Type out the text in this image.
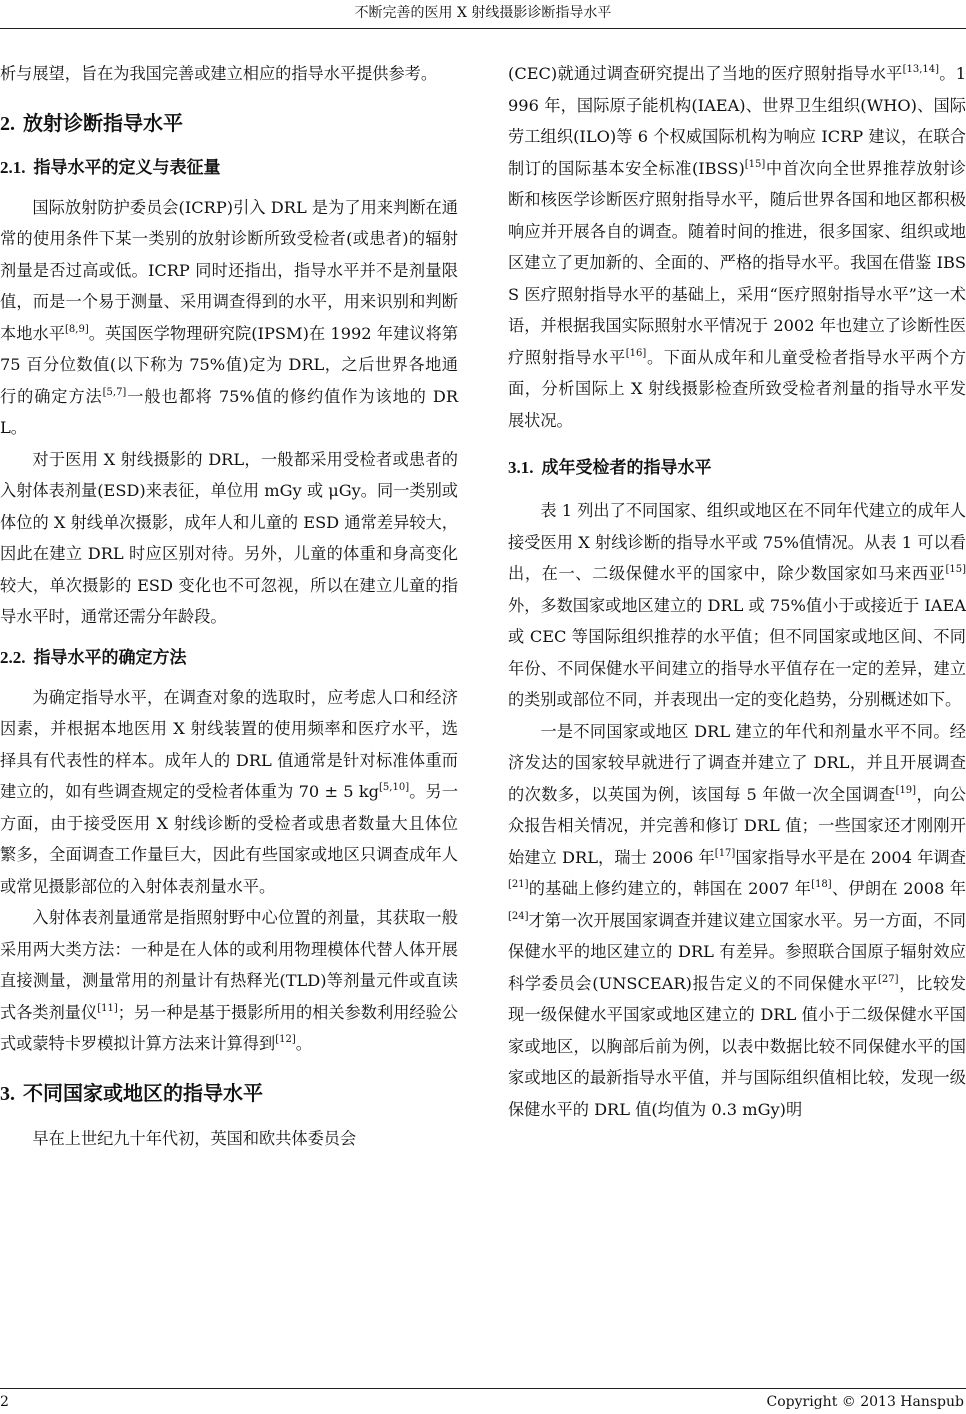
不断完善的医用 X 射线摄影诊断指导水平

析与展望，旨在为我国完善或建立相应的指导水平提供参考。

2. 放射诊断指导水平
2.1. 指导水平的定义与表征量

国际放射防护委员会(ICRP)引入 DRL 是为了用来判断在通常的使用条件下某一类别的放射诊断所致受检者(或患者)的辐射剂量是否过高或低。ICRP 同时还指出，指导水平并不是剂量限值，而是一个易于测量、采用调查得到的水平，用来识别和判断本地水平[8,9]。英国医学物理研究院(IPSM)在 1992 年建议将第 75 百分位数值(以下称为 75%值)定为 DRL，之后世界各地通行的确定方法[5,7]一般也都将 75%值的修约值作为该地的 DRL。

对于医用 X 射线摄影的 DRL，一般都采用受检者或患者的入射体表剂量(ESD)来表征，单位用 mGy 或 μGy。同一类别或体位的 X 射线单次摄影，成年人和儿童的 ESD 通常差异较大，因此在建立 DRL 时应区别对待。另外，儿童的体重和身高变化较大，单次摄影的 ESD 变化也不可忽视，所以在建立儿童的指导水平时，通常还需分年龄段。

2.2. 指导水平的确定方法

为确定指导水平，在调查对象的选取时，应考虑人口和经济因素，并根据本地医用 X 射线装置的使用频率和医疗水平，选择具有代表性的样本。成年人的 DRL 值通常是针对标准体重而建立的，如有些调查规定的受检者体重为 70 ± 5 kg[5,10]。另一方面，由于接受医用 X 射线诊断的受检者或患者数量大且体位繁多，全面调查工作量巨大，因此有些国家或地区只调查成年人或常见摄影部位的入射体表剂量水平。

入射体表剂量通常是指照射野中心位置的剂量，其获取一般采用两大类方法：一种是在人体的或利用物理模体代替人体开展直接测量，测量常用的剂量计有热释光(TLD)等剂量元件或直读式各类剂量仪[11]；另一种是基于摄影所用的相关参数利用经验公式或蒙特卡罗模拟计算方法来计算得到[12]。

3. 不同国家或地区的指导水平

早在上世纪九十年代初，英国和欧共体委员会

(CEC)就通过调查研究提出了当地的医疗照射指导水平[13,14]。1996 年，国际原子能机构(IAEA)、世界卫生组织(WHO)、国际劳工组织(ILO)等 6 个权威国际机构为响应 ICRP 建议，在联合制订的国际基本安全标准(IBSS)[15]中首次向全世界推荐放射诊断和核医学诊断医疗照射指导水平，随后世界各国和地区都积极响应并开展各自的调查。随着时间的推进，很多国家、组织或地区建立了更加新的、全面的、严格的指导水平。我国在借鉴 IBSS 医疗照射指导水平的基础上，采用“医疗照射指导水平”这一术语，并根据我国实际照射水平情况于 2002 年也建立了诊断性医疗照射指导水平[16]。下面从成年和儿童受检者指导水平两个方面，分析国际上 X 射线摄影检查所致受检者剂量的指导水平发展状况。

3.1. 成年受检者的指导水平

表 1 列出了不同国家、组织或地区在不同年代建立的成年人接受医用 X 射线诊断的指导水平或 75%值情况。从表 1 可以看出，在一、二级保健水平的国家中，除少数国家如马来西亚[15]外，多数国家或地区建立的 DRL 或 75%值小于或接近于 IAEA 或 CEC 等国际组织推荐的水平值；但不同国家或地区间、不同年份、不同保健水平间建立的指导水平值存在一定的差异，建立的类别或部位不同，并表现出一定的变化趋势，分别概述如下。

一是不同国家或地区 DRL 建立的年代和剂量水平不同。经济发达的国家较早就进行了调查并建立了 DRL，并且开展调查的次数多，以英国为例，该国每 5 年做一次全国调查[19]，向公众报告相关情况，并完善和修订 DRL 值；一些国家还才刚刚开始建立 DRL，瑞士 2006 年[17]国家指导水平是在 2004 年调查[21]的基础上修约建立的，韩国在 2007 年[18]、伊朗在 2008 年[24]才第一次开展国家调查并建议建立国家水平。另一方面，不同保健水平的地区建立的 DRL 有差异。参照联合国原子辐射效应科学委员会(UNSCEAR)报告定义的不同保健水平[27]，比较发现一级保健水平国家或地区建立的 DRL 值小于二级保健水平国家或地区，以胸部后前为例，以表中数据比较不同保健水平的国家或地区的最新指导水平值，并与国际组织值相比较，发现一级保健水平的 DRL 值(均值为 0.3 mGy)明

2	Copyright © 2013 Hanspub
